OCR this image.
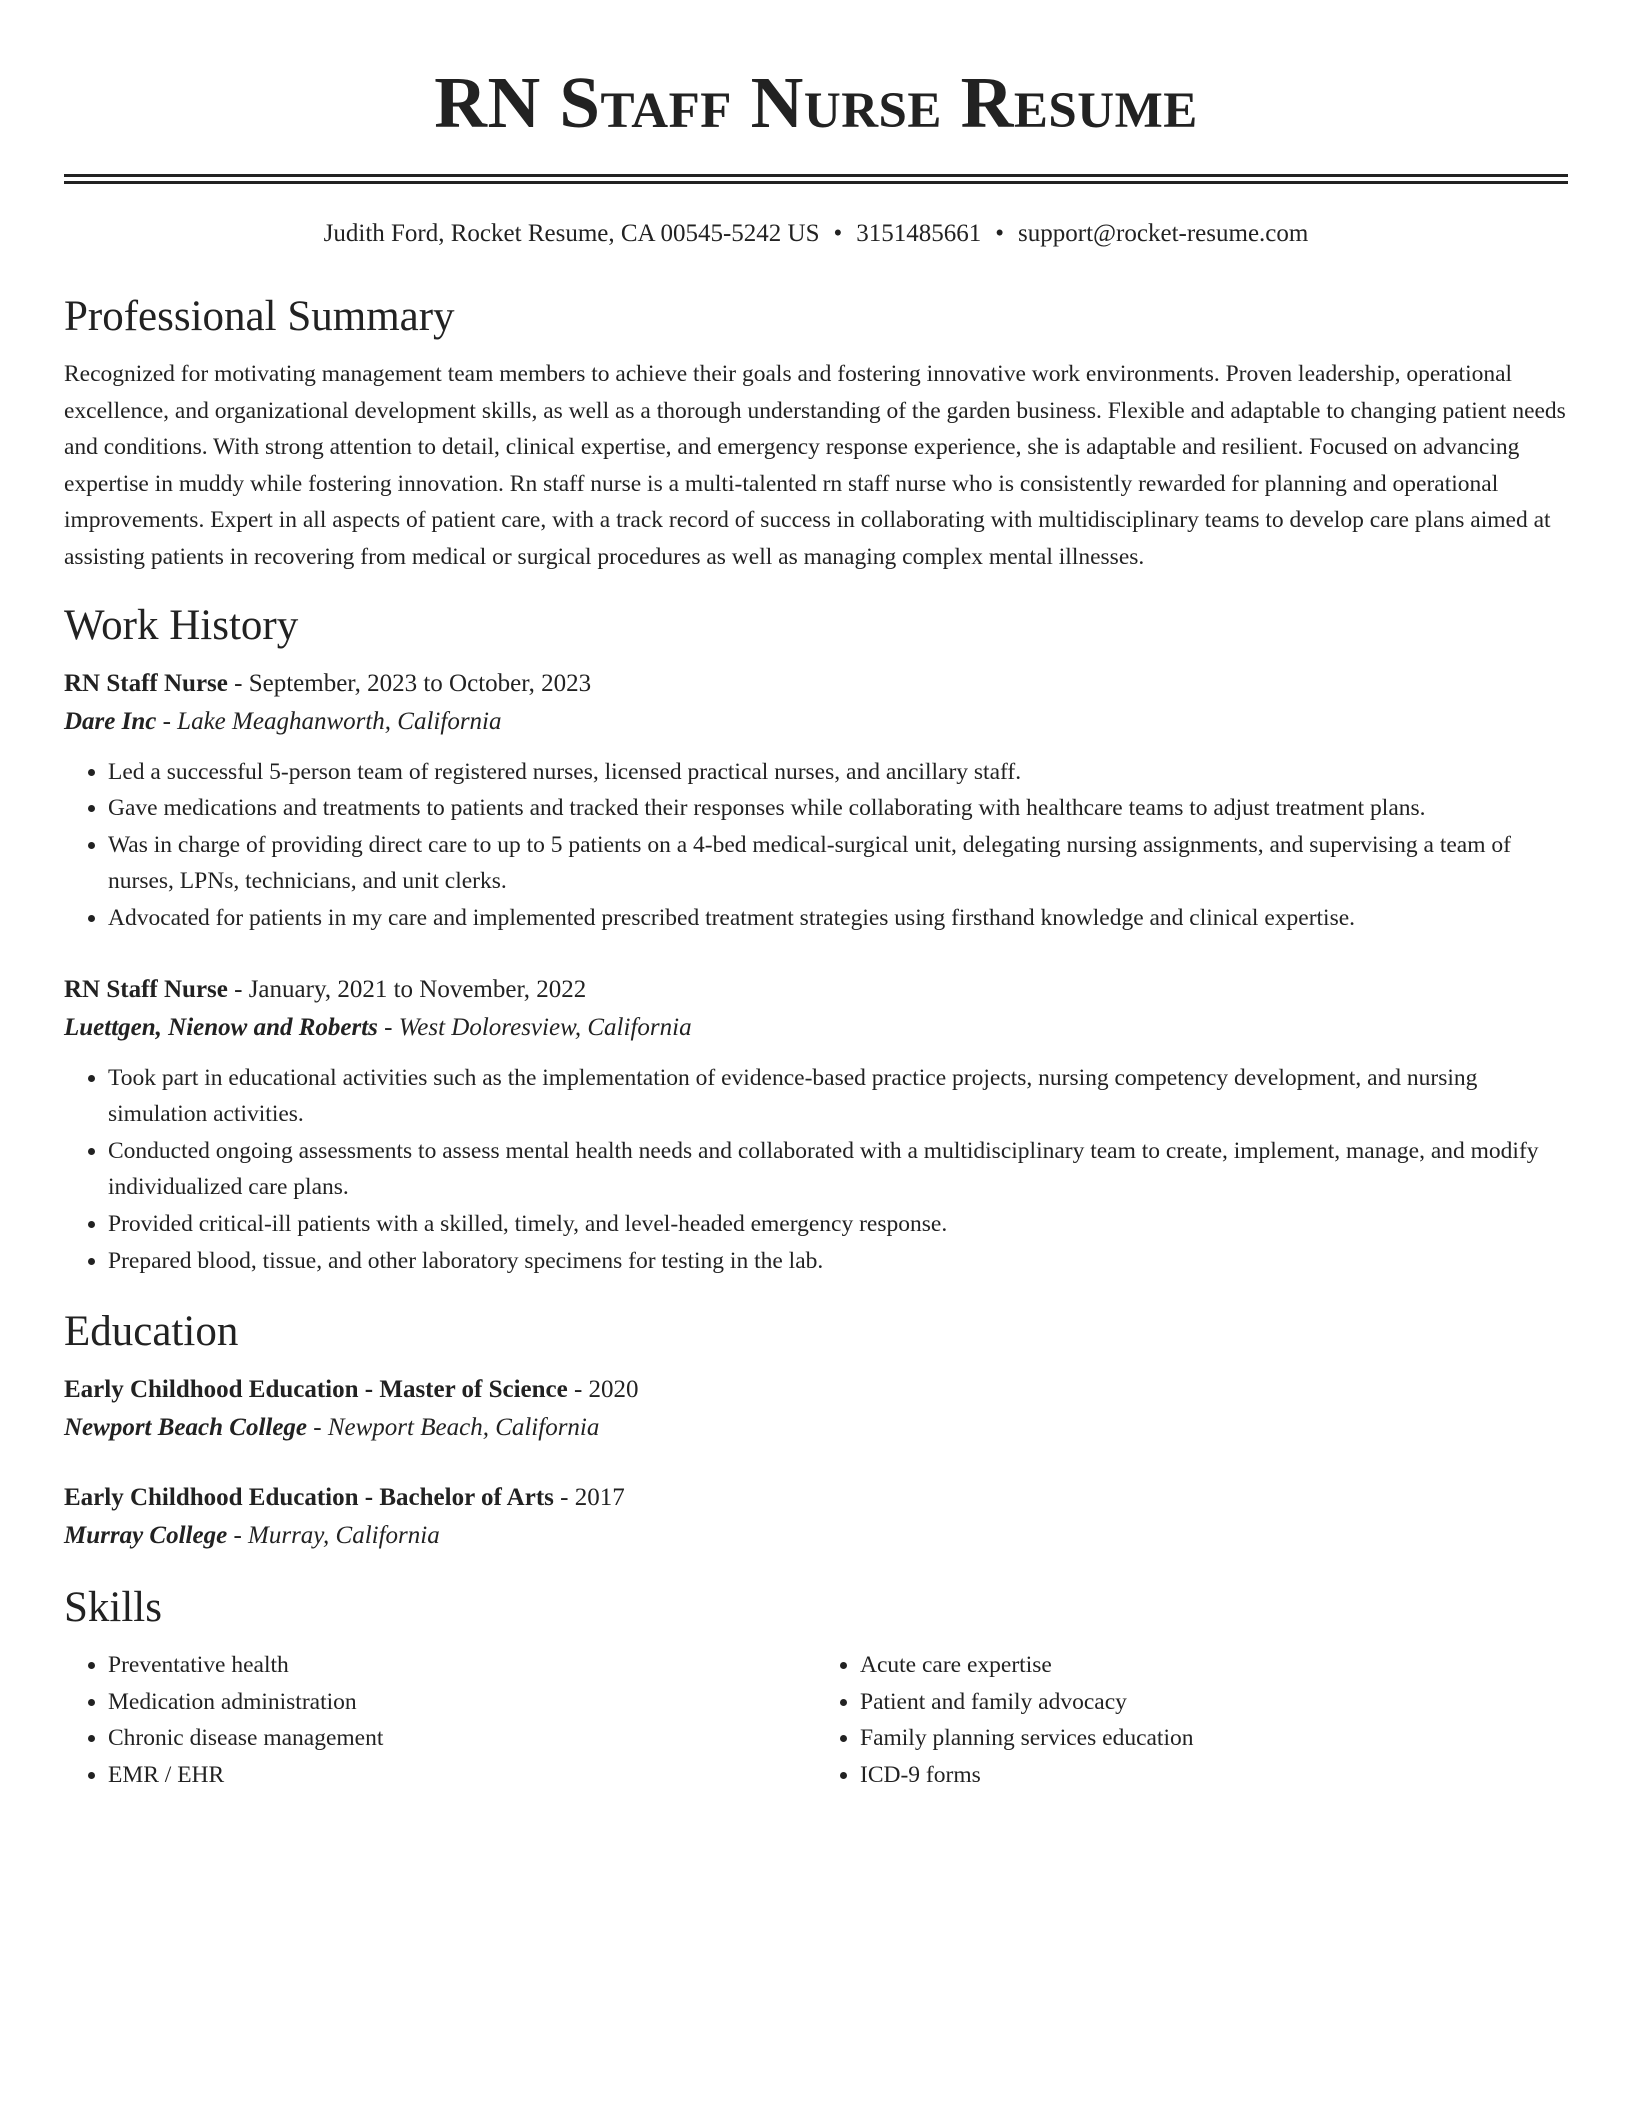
RN Staff Nurse Resume
Judith Ford, Rocket Resume, CA 00545-5242 US • 3151485661 • support@rocket-resume.com
Professional Summary

Recognized for motivating management team members to achieve their goals and fostering innovative work environments. Proven leadership, operational excellence, and organizational development skills, as well as a thorough understanding of the garden business. Flexible and adaptable to changing patient needs and conditions. With strong attention to detail, clinical expertise, and emergency response experience, she is adaptable and resilient. Focused on advancing expertise in muddy while fostering innovation. Rn staff nurse is a multi-talented rn staff nurse who is consistently rewarded for planning and operational improvements. Expert in all aspects of patient care, with a track record of success in collaborating with multidisciplinary teams to develop care plans aimed at assisting patients in recovering from medical or surgical procedures as well as managing complex mental illnesses.

Work History
RN Staff Nurse - September, 2023 to October, 2023
Dare Inc - Lake Meaghanworth, California
• Led a successful 5-person team of registered nurses, licensed practical nurses, and ancillary staff.
• Gave medications and treatments to patients and tracked their responses while collaborating with healthcare teams to adjust treatment plans.
• Was in charge of providing direct care to up to 5 patients on a 4-bed medical-surgical unit, delegating nursing assignments, and supervising a team of nurses, LPNs, technicians, and unit clerks.
• Advocated for patients in my care and implemented prescribed treatment strategies using firsthand knowledge and clinical expertise.
RN Staff Nurse - January, 2021 to November, 2022
Luettgen, Nienow and Roberts - West Doloresview, California
• Took part in educational activities such as the implementation of evidence-based practice projects, nursing competency development, and nursing simulation activities.
• Conducted ongoing assessments to assess mental health needs and collaborated with a multidisciplinary team to create, implement, manage, and modify individualized care plans.
• Provided critical-ill patients with a skilled, timely, and level-headed emergency response.
• Prepared blood, tissue, and other laboratory specimens for testing in the lab.
Education
Early Childhood Education - Master of Science - 2020
Newport Beach College - Newport Beach, California
Early Childhood Education - Bachelor of Arts - 2017
Murray College - Murray, California
Skills
• Preventative health
• Medication administration
• Chronic disease management
• EMR / EHR
• Acute care expertise
• Patient and family advocacy
• Family planning services education
• ICD-9 forms
